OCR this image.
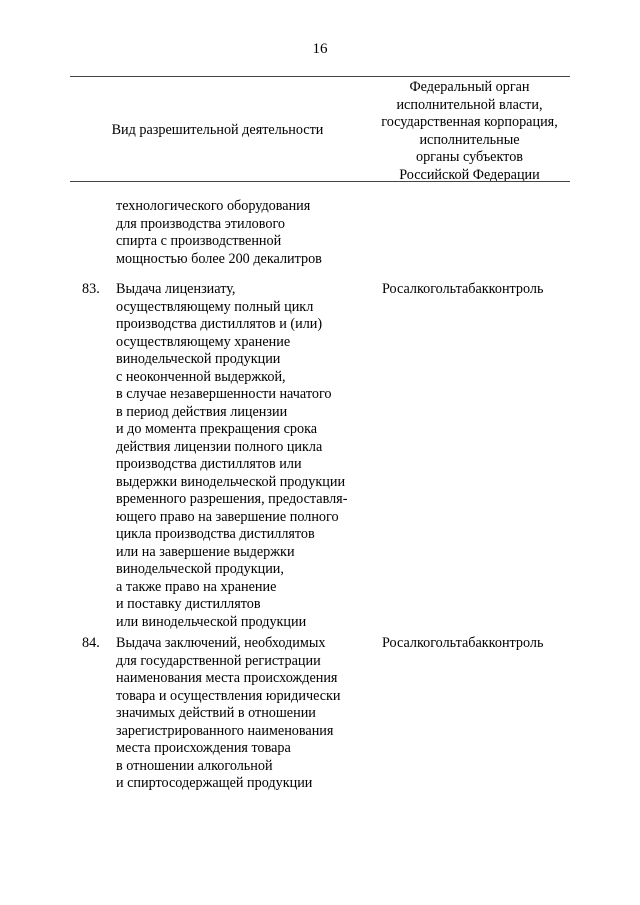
16
Вид разрешительной деятельности
Федеральный орган
исполнительной власти,
государственная корпорация,
исполнительные
органы субъектов
Российской Федерации
технологического оборудования
для производства этилового
спирта с производственной
мощностью более 200 декалитров
83. Выдача лицензиату,
осуществляющему полный цикл
производства дистиллятов и (или)
осуществляющему хранение
винодельческой продукции
с неоконченной выдержкой,
в случае незавершенности начатого
в период действия лицензии
и до момента прекращения срока
действия лицензии полного цикла
производства дистиллятов или
выдержки винодельческой продукции
временного разрешения, предоставля-
ющего право на завершение полного
цикла производства дистиллятов
или на завершение выдержки
винодельческой продукции,
а также право на хранение
и поставку дистиллятов
или винодельческой продукции
Росалкогольтабакконтроль
84. Выдача заключений, необходимых
для государственной регистрации
наименования места происхождения
товара и осуществления юридически
значимых действий в отношении
зарегистрированного наименования
места происхождения товара
в отношении алкогольной
и спиртосодержащей продукции
Росалкогольтабакконтроль
